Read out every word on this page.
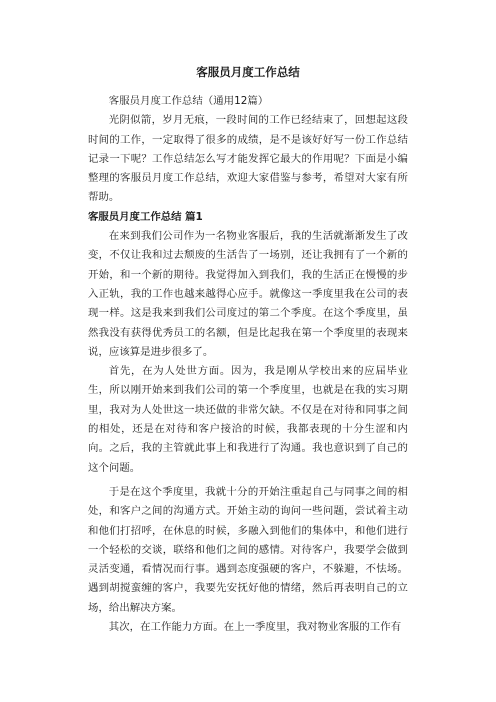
客服员月度工作总结

客服员月度工作总结（通用12篇）

光阴似箭，岁月无痕，一段时间的工作已经结束了，回想起这段时间的工作，一定取得了很多的成绩，是不是该好好写一份工作总结记录一下呢？工作总结怎么写才能发挥它最大的作用呢？下面是小编整理的客服员月度工作总结，欢迎大家借鉴与参考，希望对大家有所帮助。

客服员月度工作总结 篇1

在来到我们公司作为一名物业客服后，我的生活就渐渐发生了改变，不仅让我和过去颓废的生活告了一场别，还让我拥有了一个新的开始，和一个新的期待。我觉得加入到我们，我的生活正在慢慢的步入正轨，我的工作也越来越得心应手。就像这一季度里我在公司的表现一样。这是我来到我们公司度过的第二个季度。在这个季度里，虽然我没有获得优秀员工的名额，但是比起我在第一个季度里的表现来说，应该算是进步很多了。

首先，在为人处世方面。因为，我是刚从学校出来的应届毕业生，所以刚开始来到我们公司的第一个季度里，也就是在我的实习期里，我对为人处世这一块还做的非常欠缺。不仅是在对待和同事之间的相处，还是在对待和客户接洽的时候，我都表现的十分生涩和内向。之后，我的主管就此事上和我进行了沟通。我也意识到了自己的这个问题。

于是在这个季度里，我就十分的开始注重起自己与同事之间的相处，和客户之间的沟通方式。开始主动的询问一些问题，尝试着主动和他们打招呼，在休息的时候，多融入到他们的集体中，和他们进行一个轻松的交谈，联络和他们之间的感情。对待客户，我要学会做到灵活变通，看情况而行事。遇到态度强硬的客户，不躲避，不怯场。遇到胡搅蛮缠的客户，我要先安抚好他的情绪，然后再表明自己的立场，给出解决方案。

其次，在工作能力方面。在上一季度里，我对物业客服的工作有
